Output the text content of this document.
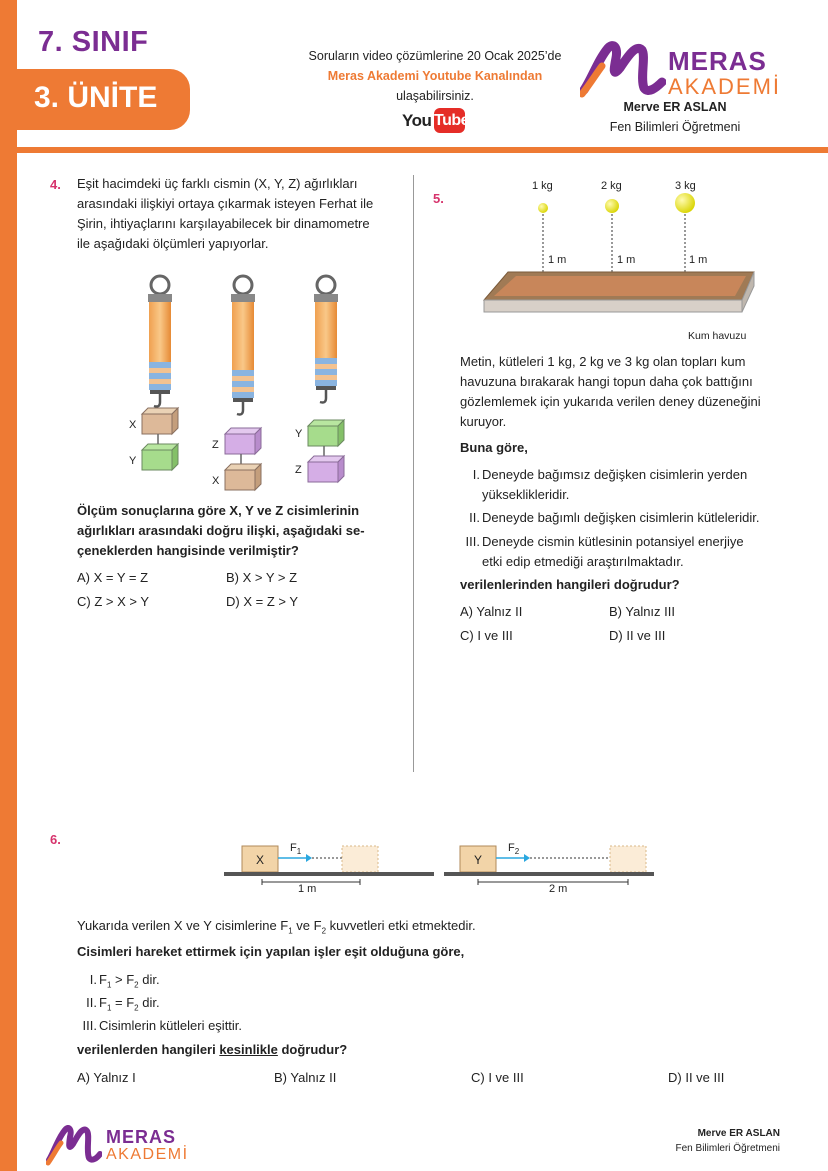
7. SINIF
3. ÜNİTE
Soruların video çözümlerine 20 Ocak 2025’de
Meras Akademi Youtube Kanalından
ulaşabilirsiniz.
You Tube
MERAS
AKADEMİ
Merve ER ASLAN
Fen Bilimleri Öğretmeni
4. Eşit hacimdeki üç farklı cismin (X, Y, Z) ağırlıkları
arasındaki ilişkiyi ortaya çıkarmak isteyen Ferhat ile
Şirin, ihtiyaçlarını karşılayabilecek bir dinamometre
ile aşağıdaki ölçümleri yapıyorlar.
X
Y
Z
X
Y
Z
Ölçüm sonuçlarına göre X, Y ve Z cisimlerinin
ağırlıkları arasındaki doğru ilişki, aşağıdaki se-
çeneklerden hangisinde verilmiştir?
A) X = Y = Z	B) X > Y > Z
C) Z > X > Y	D) X = Z > Y
5.
1 kg	2 kg	3 kg
1 m	1 m	1 m
Kum havuzu
Metin, kütleleri 1 kg, 2 kg ve 3 kg olan topları kum
havuzuna bırakarak hangi topun daha çok battığını
gözlemlemek için yukarıda verilen deney düzeneğini
kuruyor.
Buna göre,
I. Deneyde bağımsız değişken cisimlerin yerden
yükseklikleridir.
II. Deneyde bağımlı değişken cisimlerin kütleleridir.
III. Deneyde cismin kütlesinin potansiyel enerjiye
etki edip etmediği araştırılmaktadır.
verilenlerinden hangileri doğrudur?
A) Yalnız II	B) Yalnız III
C) I ve III	D) II ve III
6.
X
$F_1$
1 m
Y
$F_2$
2 m
Yukarıda verilen X ve Y cisimlerine $F_1$ ve $F_2$ kuvvetleri etki etmektedir.
Cisimleri hareket ettirmek için yapılan işler eşit olduğuna göre,
I. $F_1 > F_2$ dir.
II. $F_1 = F_2$ dir.
III. Cisimlerin kütleleri eşittir.
verilenlerden hangileri kesinlikle doğrudur?
A) Yalnız I	B) Yalnız II	C) I ve III	D) II ve III
MERAS
AKADEMİ
Merve ER ASLAN
Fen Bilimleri Öğretmeni
